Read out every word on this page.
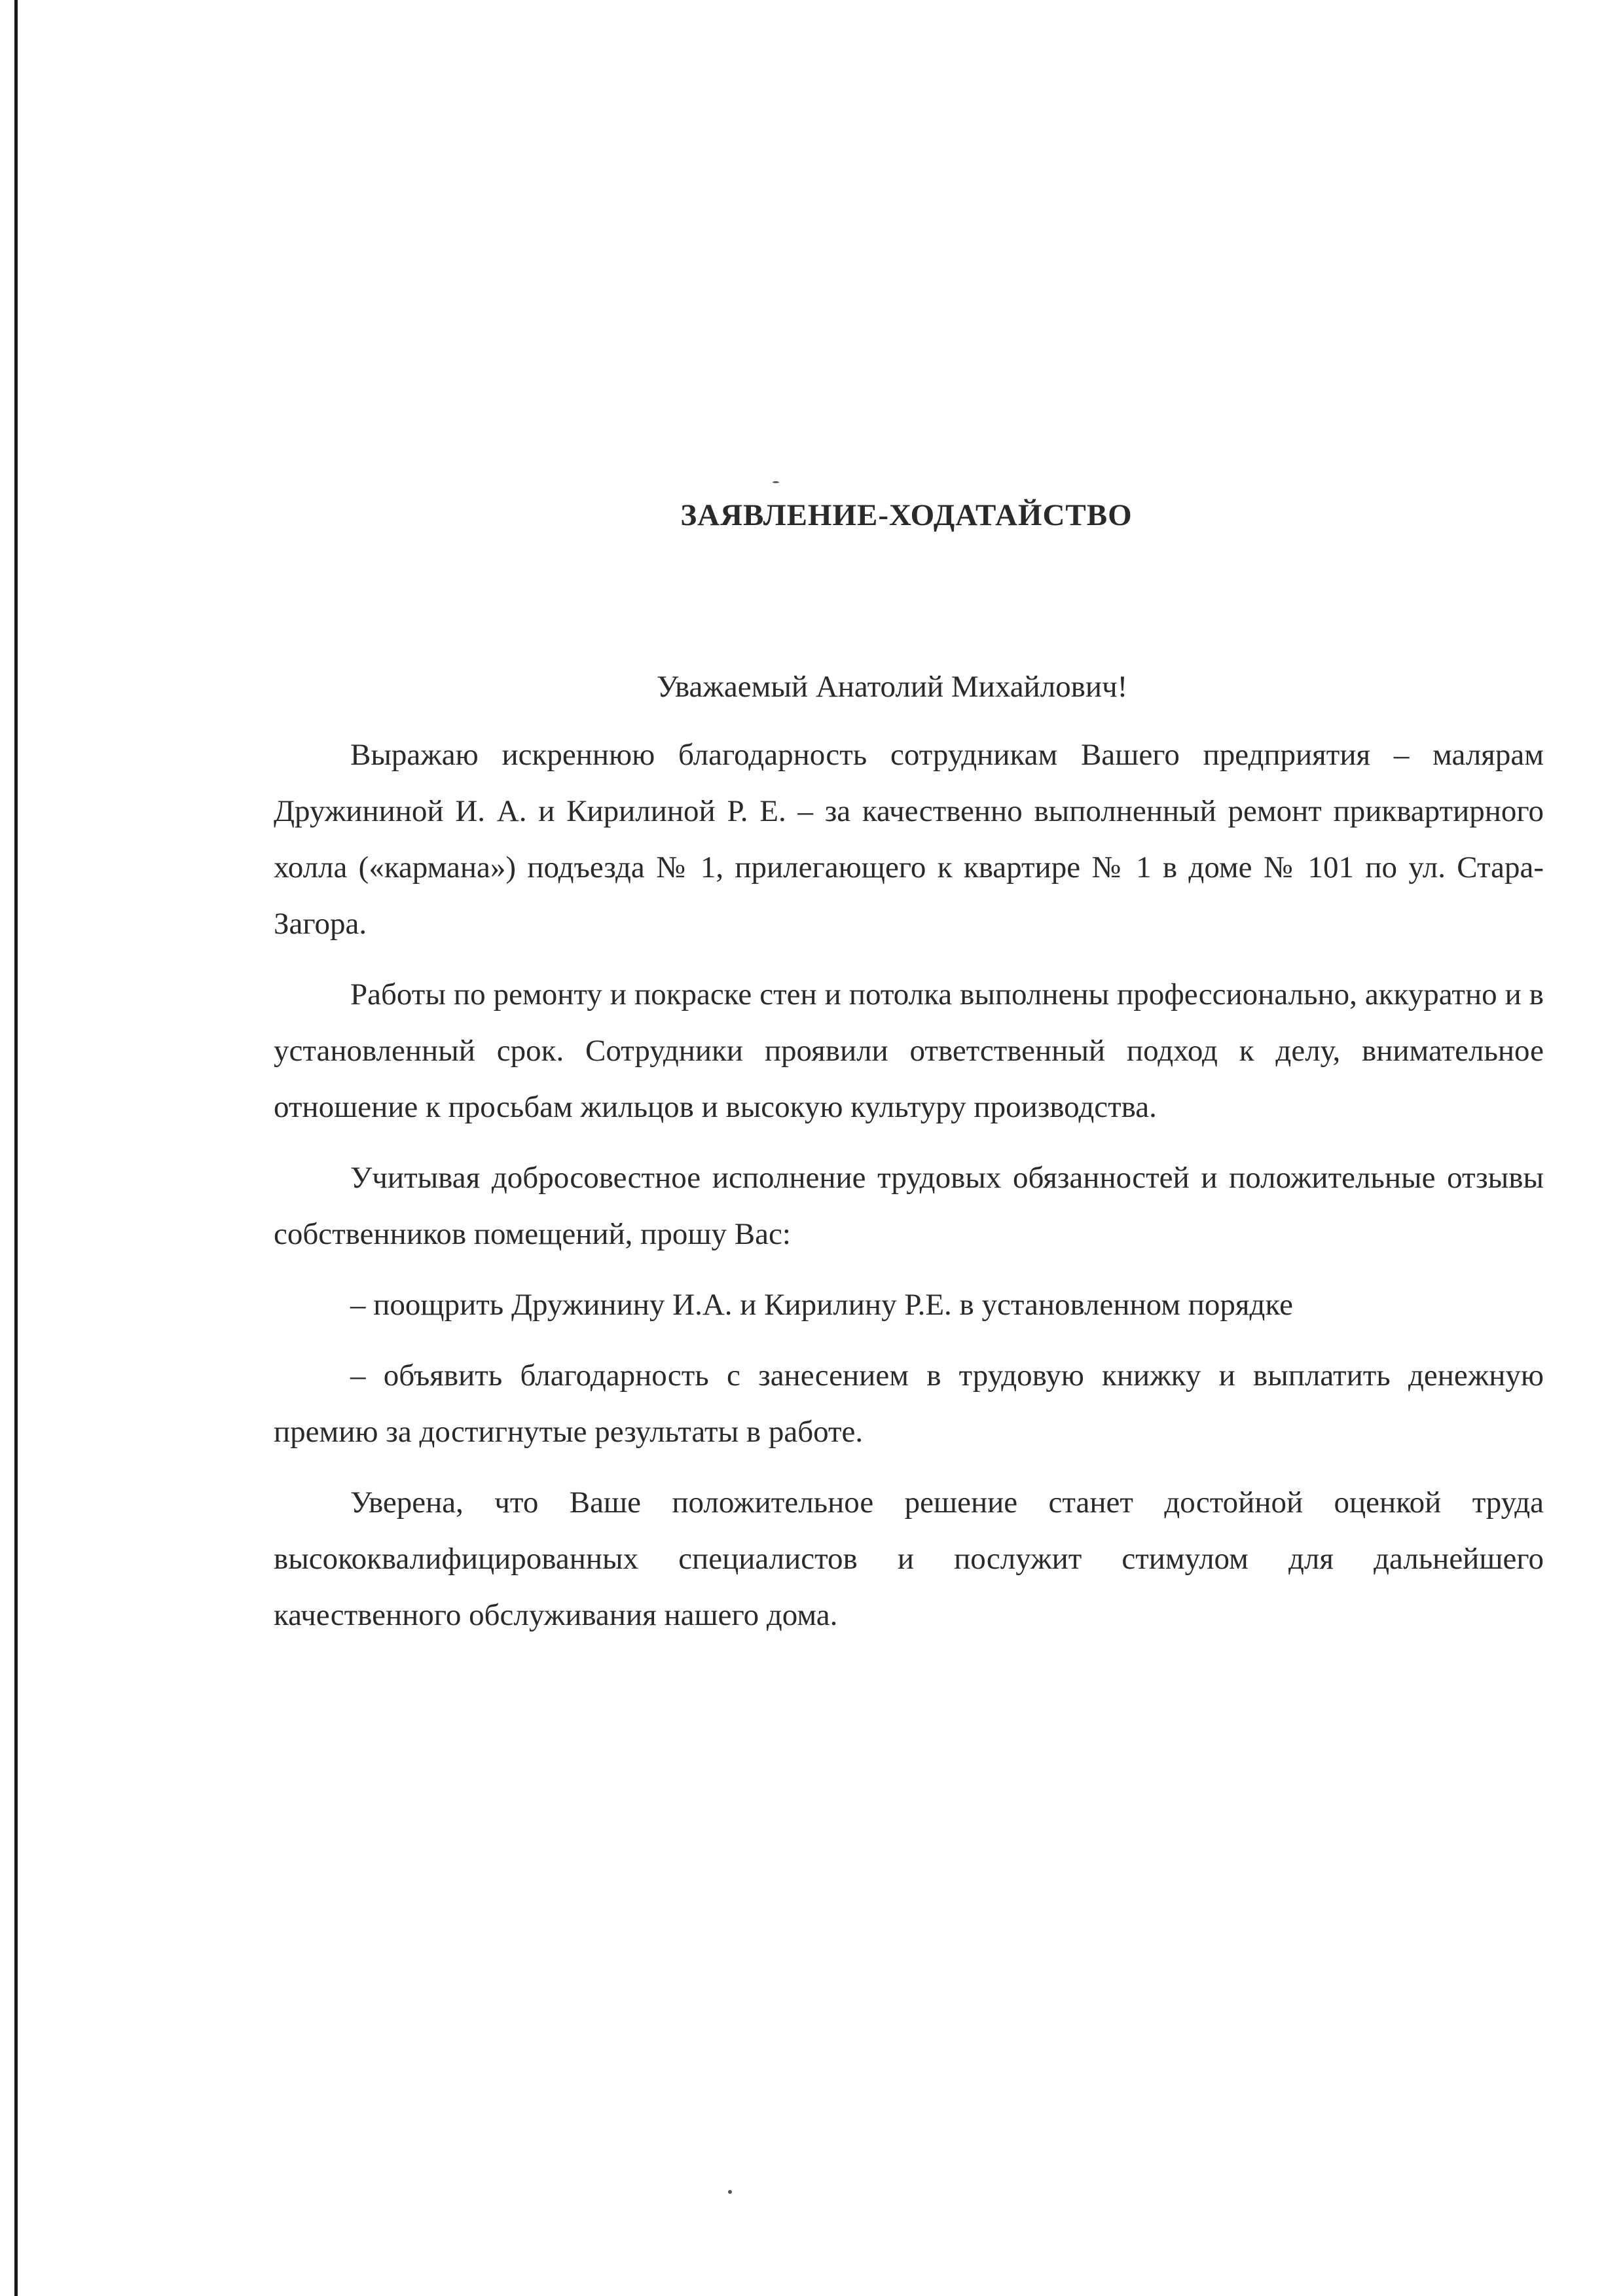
ЗАЯВЛЕНИЕ-ХОДАТАЙСТВО
Уважаемый Анатолий Михайлович!

Выражаю искреннюю благодарность сотрудникам Вашего предприятия – малярам Дружининой И. А. и Кирилиной Р. Е. – за качественно выполненный ремонт приквартирного холла («кармана») подъезда № 1, прилегающего к квартире № 1 в доме № 101 по ул. Стара-Загора.

Работы по ремонту и покраске стен и потолка выполнены профессионально, аккуратно и в установленный срок. Сотрудники проявили ответственный подход к делу, внимательное отношение к просьбам жильцов и высокую культуру производства.

Учитывая добросовестное исполнение трудовых обязанностей и положительные отзывы собственников помещений, прошу Вас:

– поощрить Дружинину И.А. и Кирилину Р.Е. в установленном порядке

– объявить благодарность с занесением в трудовую книжку и выплатить денежную премию за достигнутые результаты в работе.

Уверена, что Ваше положительное решение станет достойной оценкой труда высококвалифицированных специалистов и послужит стимулом для дальнейшего качественного обслуживания нашего дома.
